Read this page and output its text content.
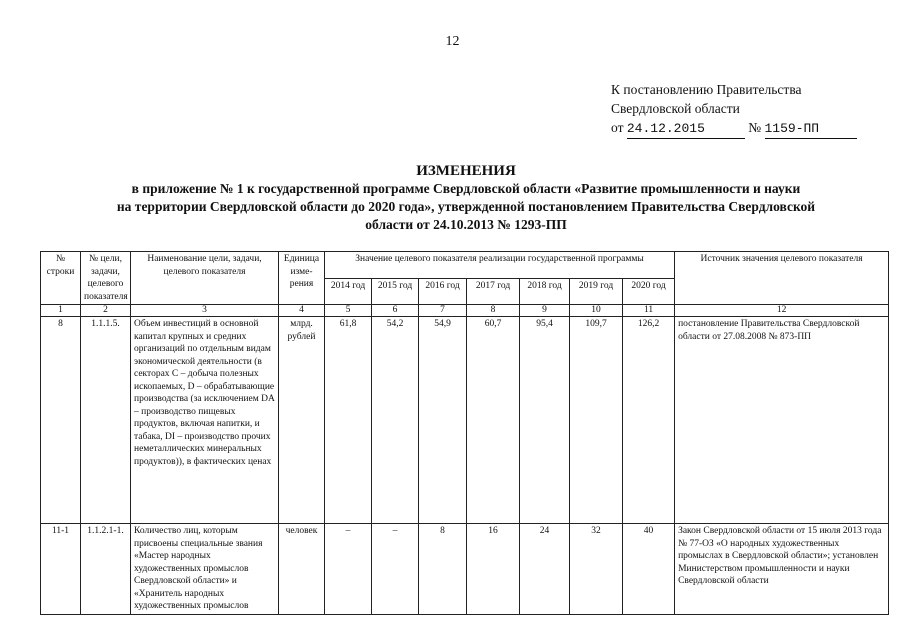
12
К постановлению Правительства
Свердловской области
от 24.12.2015	№ 1159-ПП
ИЗМЕНЕНИЯ
в приложение № 1 к государственной программе Свердловской области «Развитие промышленности и науки
на территории Свердловской области до 2020 года», утвержденной постановлением Правительства Свердловской
области от 24.10.2013 № 1293-ПП
№ строки	№ цели, задачи, целевого показателя	Наименование цели, задачи, целевого показателя	Единица изме-рения	Значение целевого показателя реализации государственной программы							Источник значения целевого показателя
				2014 год	2015 год	2016 год	2017 год	2018 год	2019 год	2020 год	
1	2	3	4	5	6	7	8	9	10	11	12
8	1.1.1.5.	Объем инвестиций в основной капитал крупных и средних организаций по отдельным видам экономической деятельности (в секторах С – добыча полезных ископаемых, D – обрабатывающие производства (за исключением DA – производство пищевых продуктов, включая напитки, и табака, DI – производство прочих неметаллических минеральных продуктов)), в фактических ценах	млрд. рублей	61,8	54,2	54,9	60,7	95,4	109,7	126,2	постановление Правительства Свердловской области от 27.08.2008 № 873-ПП
11-1	1.1.2.1-1.	Количество лиц, которым присвоены специальные звания «Мастер народных художественных промыслов Свердловской области» и «Хранитель народных художественных промыслов	человек	–	–	8	16	24	32	40	Закон Свердловской области от 15 июля 2013 года № 77-ОЗ «О народных художественных промыслах в Свердловской области»; установлен Министерством промышленности и науки Свердловской области
